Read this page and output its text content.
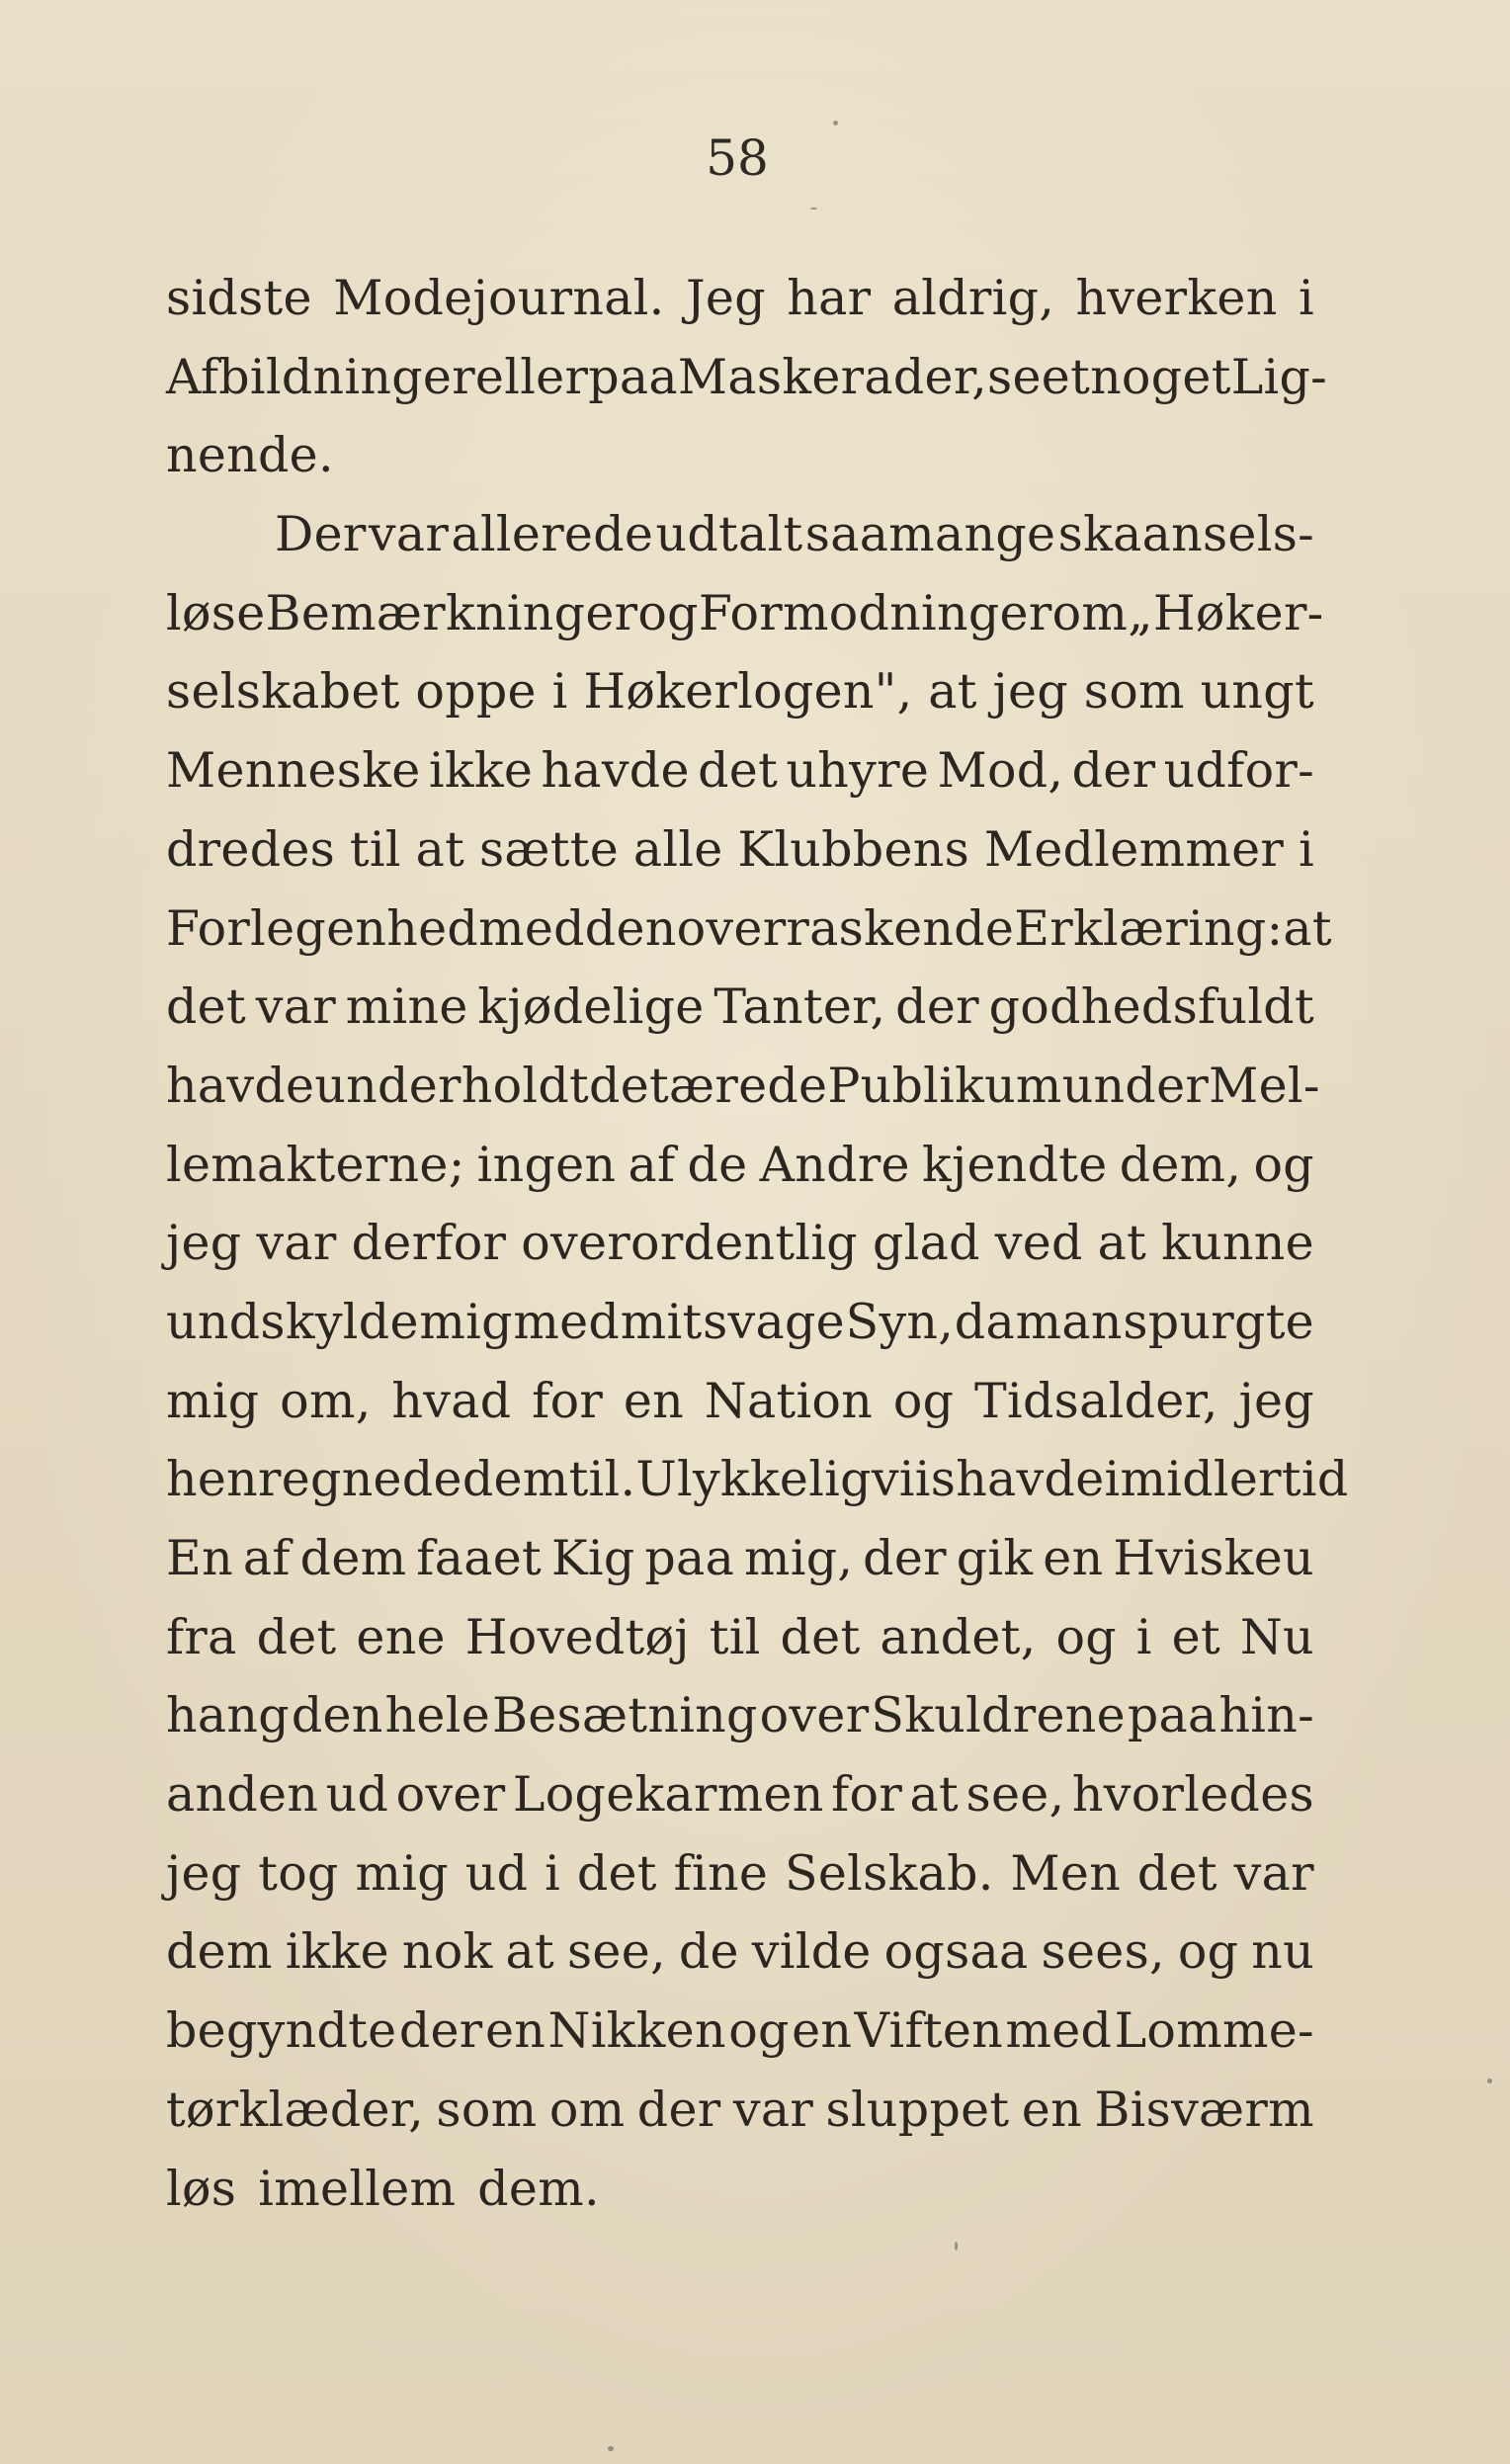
58
sidste Modejournal. Jeg har aldrig, hverken i
Afbildninger eller paa Maskerader, seet noget Lig-
nende.
Der var allerede udtalt saamange skaansels-
løse Bemærkninger og Formodninger om „Høker-
selskabet oppe i Høkerlogen", at jeg som ungt
Menneske ikke havde det uhyre Mod, der udfor-
dredes til at sætte alle Klubbens Medlemmer i
Forlegenhed med den overraskende Erklæring: at
det var mine kjødelige Tanter, der godhedsfuldt
havde underholdt det ærede Publikum under Mel-
lemakterne; ingen af de Andre kjendte dem, og
jeg var derfor overordentlig glad ved at kunne
undskylde mig med mit svage Syn, da man spurgte
mig om, hvad for en Nation og Tidsalder, jeg
henregnede dem til. Ulykkeligviis havde imidlertid
En af dem faaet Kig paa mig, der gik en Hviskeu
fra det ene Hovedtøj til det andet, og i et Nu
hang den hele Besætning over Skuldrene paa hin-
anden ud over Logekarmen for at see, hvorledes
jeg tog mig ud i det fine Selskab. Men det var
dem ikke nok at see, de vilde ogsaa sees, og nu
begyndte der en Nikken og en Viften med Lomme-
tørklæder, som om der var sluppet en Bisværm
løs imellem dem.
